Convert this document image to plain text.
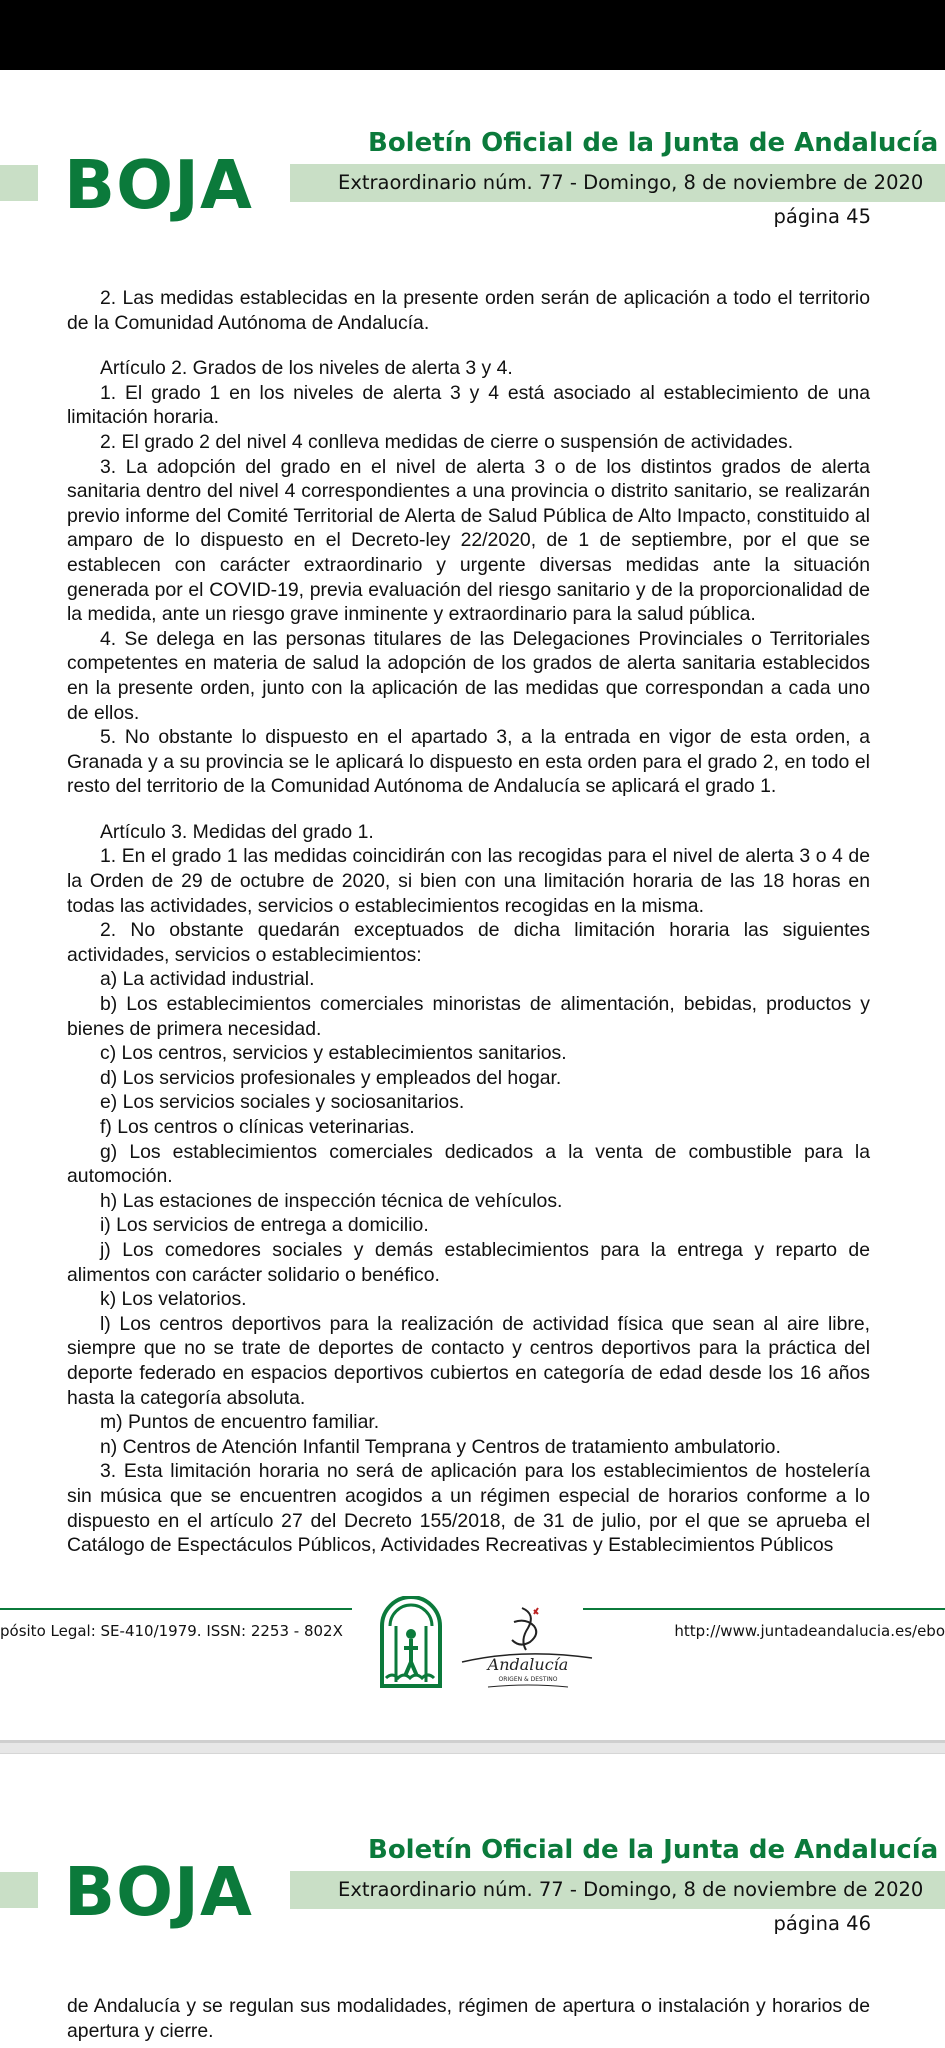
BOJA
Boletín Oficial de la Junta de Andalucía
Extraordinario núm. 77 - Domingo, 8 de noviembre de 2020
página 45

2. Las medidas establecidas en la presente orden serán de aplicación a todo el territorio de la Comunidad Autónoma de Andalucía.

Artículo 2. Grados de los niveles de alerta 3 y 4.

1. El grado 1 en los niveles de alerta 3 y 4 está asociado al establecimiento de una limitación horaria.

2. El grado 2 del nivel 4 conlleva medidas de cierre o suspensión de actividades.

3. La adopción del grado en el nivel de alerta 3 o de los distintos grados de alerta sanitaria dentro del nivel 4 correspondientes a una provincia o distrito sanitario, se realizarán previo informe del Comité Territorial de Alerta de Salud Pública de Alto Impacto, constituido al amparo de lo dispuesto en el Decreto-ley 22/2020, de 1 de septiembre, por el que se establecen con carácter extraordinario y urgente diversas medidas ante la situación generada por el COVID-19, previa evaluación del riesgo sanitario y de la proporcionalidad de la medida, ante un riesgo grave inminente y extraordinario para la salud pública.

4. Se delega en las personas titulares de las Delegaciones Provinciales o Territoriales competentes en materia de salud la adopción de los grados de alerta sanitaria establecidos en la presente orden, junto con la aplicación de las medidas que correspondan a cada uno de ellos.

5. No obstante lo dispuesto en el apartado 3, a la entrada en vigor de esta orden, a Granada y a su provincia se le aplicará lo dispuesto en esta orden para el grado 2, en todo el resto del territorio de la Comunidad Autónoma de Andalucía se aplicará el grado 1.

Artículo 3. Medidas del grado 1.

1. En el grado 1 las medidas coincidirán con las recogidas para el nivel de alerta 3 o 4 de la Orden de 29 de octubre de 2020, si bien con una limitación horaria de las 18 horas en todas las actividades, servicios o establecimientos recogidas en la misma.

2. No obstante quedarán exceptuados de dicha limitación horaria las siguientes actividades, servicios o establecimientos:

a) La actividad industrial.

b) Los establecimientos comerciales minoristas de alimentación, bebidas, productos y bienes de primera necesidad.

c) Los centros, servicios y establecimientos sanitarios.

d) Los servicios profesionales y empleados del hogar.

e) Los servicios sociales y sociosanitarios.

f) Los centros o clínicas veterinarias.

g) Los establecimientos comerciales dedicados a la venta de combustible para la automoción.

h) Las estaciones de inspección técnica de vehículos.

i) Los servicios de entrega a domicilio.

j) Los comedores sociales y demás establecimientos para la entrega y reparto de alimentos con carácter solidario o benéfico.

k) Los velatorios.

l) Los centros deportivos para la realización de actividad física que sean al aire libre, siempre que no se trate de deportes de contacto y centros deportivos para la práctica del deporte federado en espacios deportivos cubiertos en categoría de edad desde los 16 años hasta la categoría absoluta.

m) Puntos de encuentro familiar.

n) Centros de Atención Infantil Temprana y Centros de tratamiento ambulatorio.

3. Esta limitación horaria no será de aplicación para los establecimientos de hostelería sin música que se encuentren acogidos a un régimen especial de horarios conforme a lo dispuesto en el artículo 27 del Decreto 155/2018, de 31 de julio, por el que se aprueba el Catálogo de Espectáculos Públicos, Actividades Recreativas y Establecimientos Públicos

pósito Legal: SE-410/1979. ISSN: 2253 - 802X
Andalucía
ORIGEN & DESTINO
http://www.juntadeandalucia.es/ebo
BOJA
Boletín Oficial de la Junta de Andalucía
Extraordinario núm. 77 - Domingo, 8 de noviembre de 2020
página 46

de Andalucía y se regulan sus modalidades, régimen de apertura o instalación y horarios de apertura y cierre.
